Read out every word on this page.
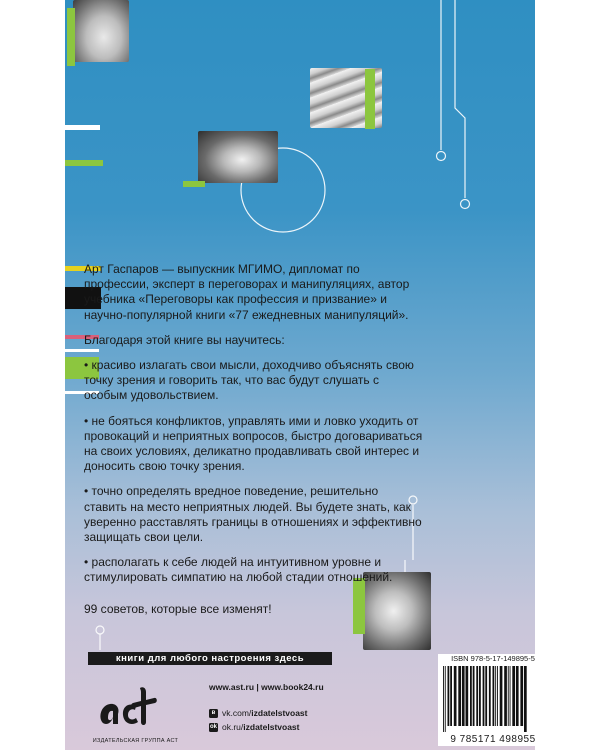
Арт Гаспаров — выпускник МГИМО, дипломат по профессии, эксперт в переговорах и манипуляциях, автор учебника «Переговоры как профессия и призвание» и научно-популярной книги «77 ежедневных манипуляций».

Благодаря этой книге вы научитесь:

• красиво излагать свои мысли, доходчиво объяснять свою точку зрения и говорить так, что вас будут слушать с особым удовольствием.

• не бояться конфликтов, управлять ими и ловко уходить от провокаций и неприятных вопросов, быстро договариваться на своих условиях, деликатно продавливать свой интерес и доносить свою точку зрения.

• точно определять вредное поведение, решительно ставить на место неприятных людей. Вы будете знать, как уверенно расставлять границы в отношениях и эффективно защищать свои цели.

• располагать к себе людей на интуитивном уровне и стимулировать симпатию на любой стадии отношений.

99 советов, которые все изменят!

книги для любого настроения здесь
ИЗДАТЕЛЬСКАЯ ГРУППА АСТ
www.ast.ru | www.book24.ru
в vk.com/izdatelstvoast
ok ok.ru/izdatelstvoast
ISBN 978-5-17-149895-5
9 785171 498955
